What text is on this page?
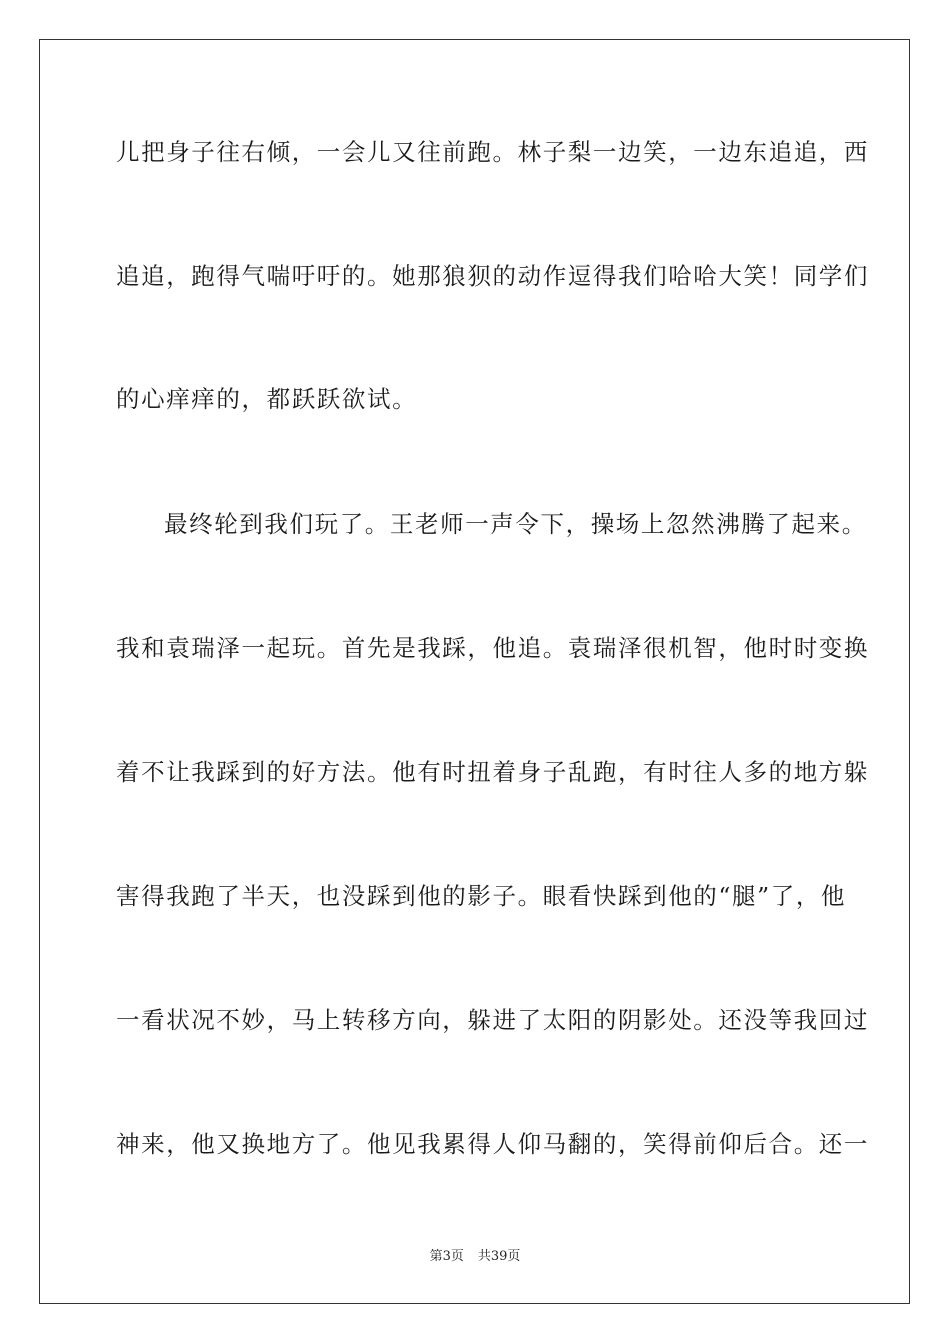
儿把身子往右倾，一会儿又往前跑。林子梨一边笑，一边东追追，西
追追，跑得气喘吁吁的。她那狼狈的动作逗得我们哈哈大笑！同学们
的心痒痒的，都跃跃欲试。
最终轮到我们玩了。王老师一声令下，操场上忽然沸腾了起来。
我和袁瑞泽一起玩。首先是我踩，他追。袁瑞泽很机智，他时时变换
着不让我踩到的好方法。他有时扭着身子乱跑，有时往人多的地方躲
害得我跑了半天，也没踩到他的影子。眼看快踩到他的“腿”了，他
一看状况不妙，马上转移方向，躲进了太阳的阴影处。还没等我回过
神来，他又换地方了。他见我累得人仰马翻的，笑得前仰后合。还一
第3页 共39页
